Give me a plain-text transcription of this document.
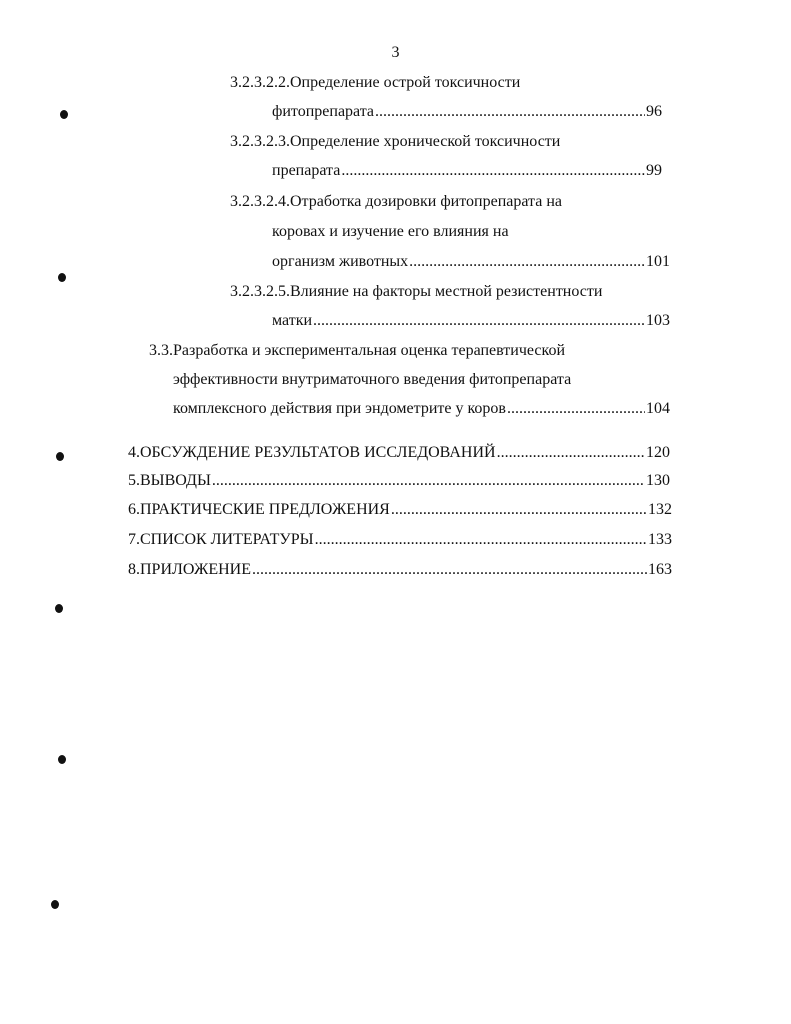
3
3.2.3.2.2.Определение острой токсичности
фитопрепарата .....	96
3.2.3.2.3.Определение хронической токсичности
препарата .....	99
3.2.3.2.4.Отработка дозировки фитопрепарата на
коровах и изучение его влияния на
организм животных .....	101
3.2.3.2.5.Влияние на факторы местной резистентности
матки .....	103
3.3.Разработка и экспериментальная оценка терапевтической
эффективности внутриматочного введения фитопрепарата
комплексного действия при эндометрите у коров .....	104
4.ОБСУЖДЕНИЕ РЕЗУЛЬТАТОВ ИССЛЕДОВАНИЙ .....	120
5.ВЫВОДЫ .....	130
6.ПРАКТИЧЕСКИЕ ПРЕДЛОЖЕНИЯ .....	132
7.СПИСОК ЛИТЕРАТУРЫ .....	133
8.ПРИЛОЖЕНИЕ .....	163
